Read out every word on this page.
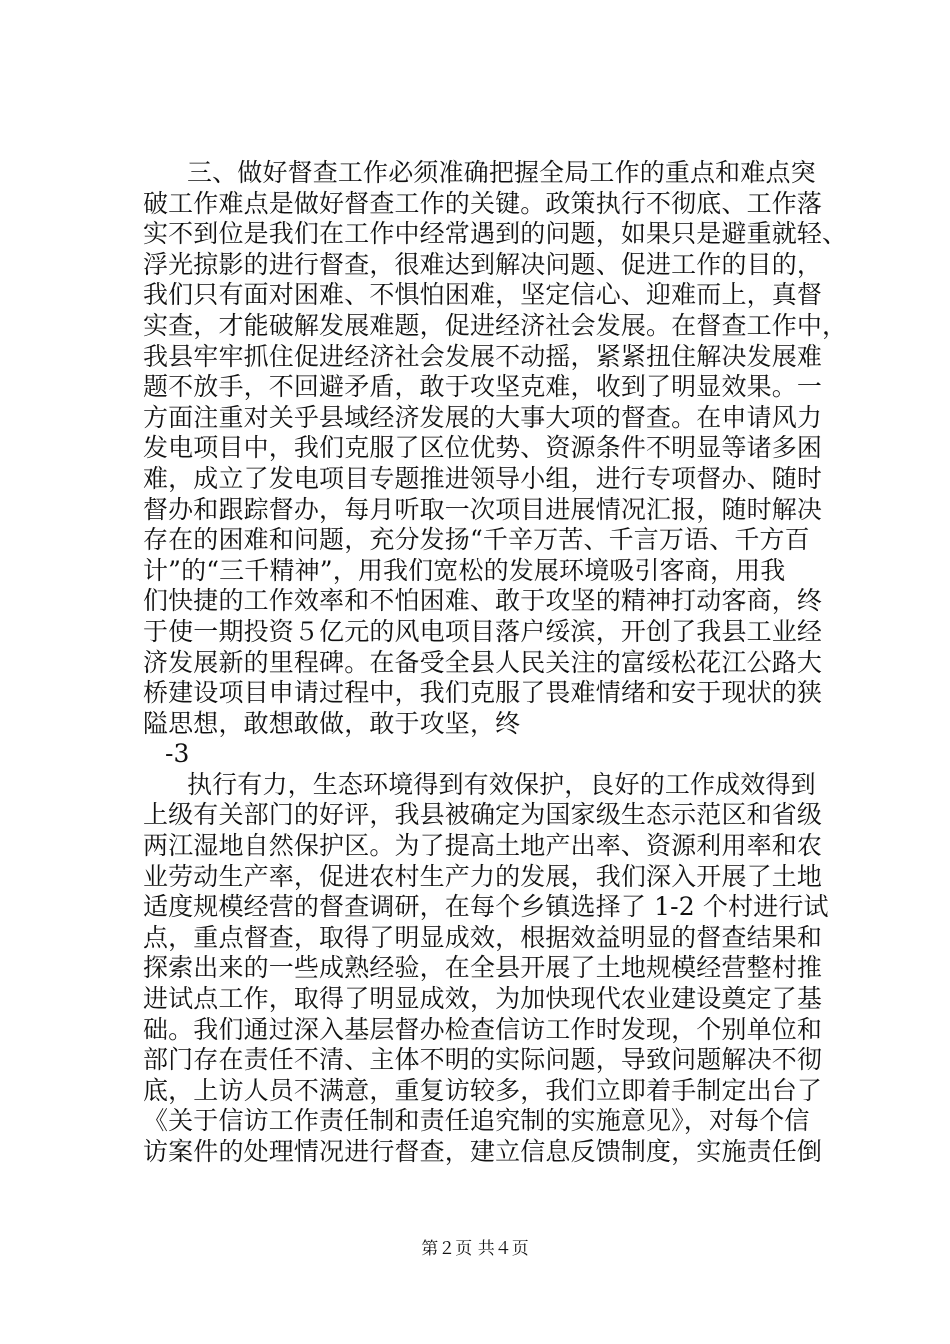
三、做好督查工作必须准确把握全局工作的重点和难点突
破工作难点是做好督查工作的关键。政策执行不彻底、工作落
实不到位是我们在工作中经常遇到的问题，如果只是避重就轻、
浮光掠影的进行督查，很难达到解决问题、促进工作的目的，
我们只有面对困难、不惧怕困难，坚定信心、迎难而上，真督
实查，才能破解发展难题，促进经济社会发展。在督查工作中，
我县牢牢抓住促进经济社会发展不动摇，紧紧扭住解决发展难
题不放手，不回避矛盾，敢于攻坚克难，收到了明显效果。一
方面注重对关乎县域经济发展的大事大项的督查。在申请风力
发电项目中，我们克服了区位优势、资源条件不明显等诸多困
难，成立了发电项目专题推进领导小组，进行专项督办、随时
督办和跟踪督办，每月听取一次项目进展情况汇报，随时解决
存在的困难和问题，充分发扬“千辛万苦、千言万语、千方百
计”的“三千精神”，用我们宽松的发展环境吸引客商，用我
们快捷的工作效率和不怕困难、敢于攻坚的精神打动客商，终
于使一期投资５亿元的风电项目落户绥滨，开创了我县工业经
济发展新的里程碑。在备受全县人民关注的富绥松花江公路大
桥建设项目申请过程中，我们克服了畏难情绪和安于现状的狭
隘思想，敢想敢做，敢于攻坚，终
-3
执行有力，生态环境得到有效保护，良好的工作成效得到
上级有关部门的好评，我县被确定为国家级生态示范区和省级
两江湿地自然保护区。为了提高土地产出率、资源利用率和农
业劳动生产率，促进农村生产力的发展，我们深入开展了土地
适度规模经营的督查调研，在每个乡镇选择了 1-2 个村进行试
点，重点督查，取得了明显成效，根据效益明显的督查结果和
探索出来的一些成熟经验，在全县开展了土地规模经营整村推
进试点工作，取得了明显成效，为加快现代农业建设奠定了基
础。我们通过深入基层督办检查信访工作时发现，个别单位和
部门存在责任不清、主体不明的实际问题，导致问题解决不彻
底，上访人员不满意，重复访较多，我们立即着手制定出台了
《关于信访工作责任制和责任追究制的实施意见》，对每个信
访案件的处理情况进行督查，建立信息反馈制度，实施责任倒
第２页 共４页
